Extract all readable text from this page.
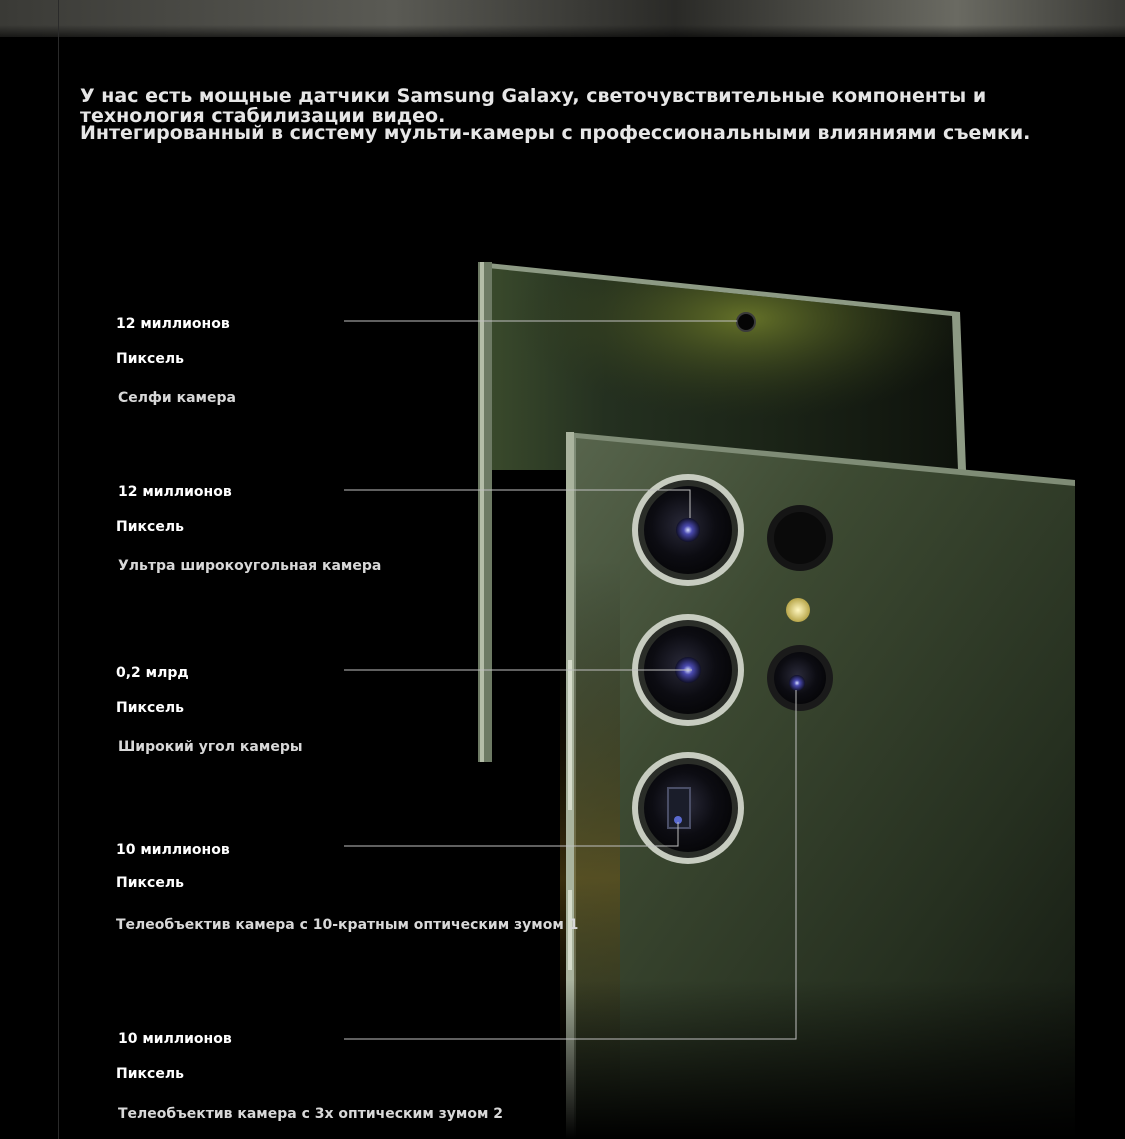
У нас есть мощные датчики Samsung Galaxy, светочувствительные компоненты и технология стабилизации видео.

Интегированный в систему мульти-камеры с профессиональными влияниями съемки.

12 миллионов
Пиксель
Селфи камера
12 миллионов
Пиксель
Ультра широкоугольная камера
0,2 млрд
Пиксель
Широкий угол камеры
10 миллионов
Пиксель
Телеобъектив камера с 10-кратным оптическим зумом 1
10 миллионов
Пиксель
Телеобъектив камера с 3х оптическим зумом 2
